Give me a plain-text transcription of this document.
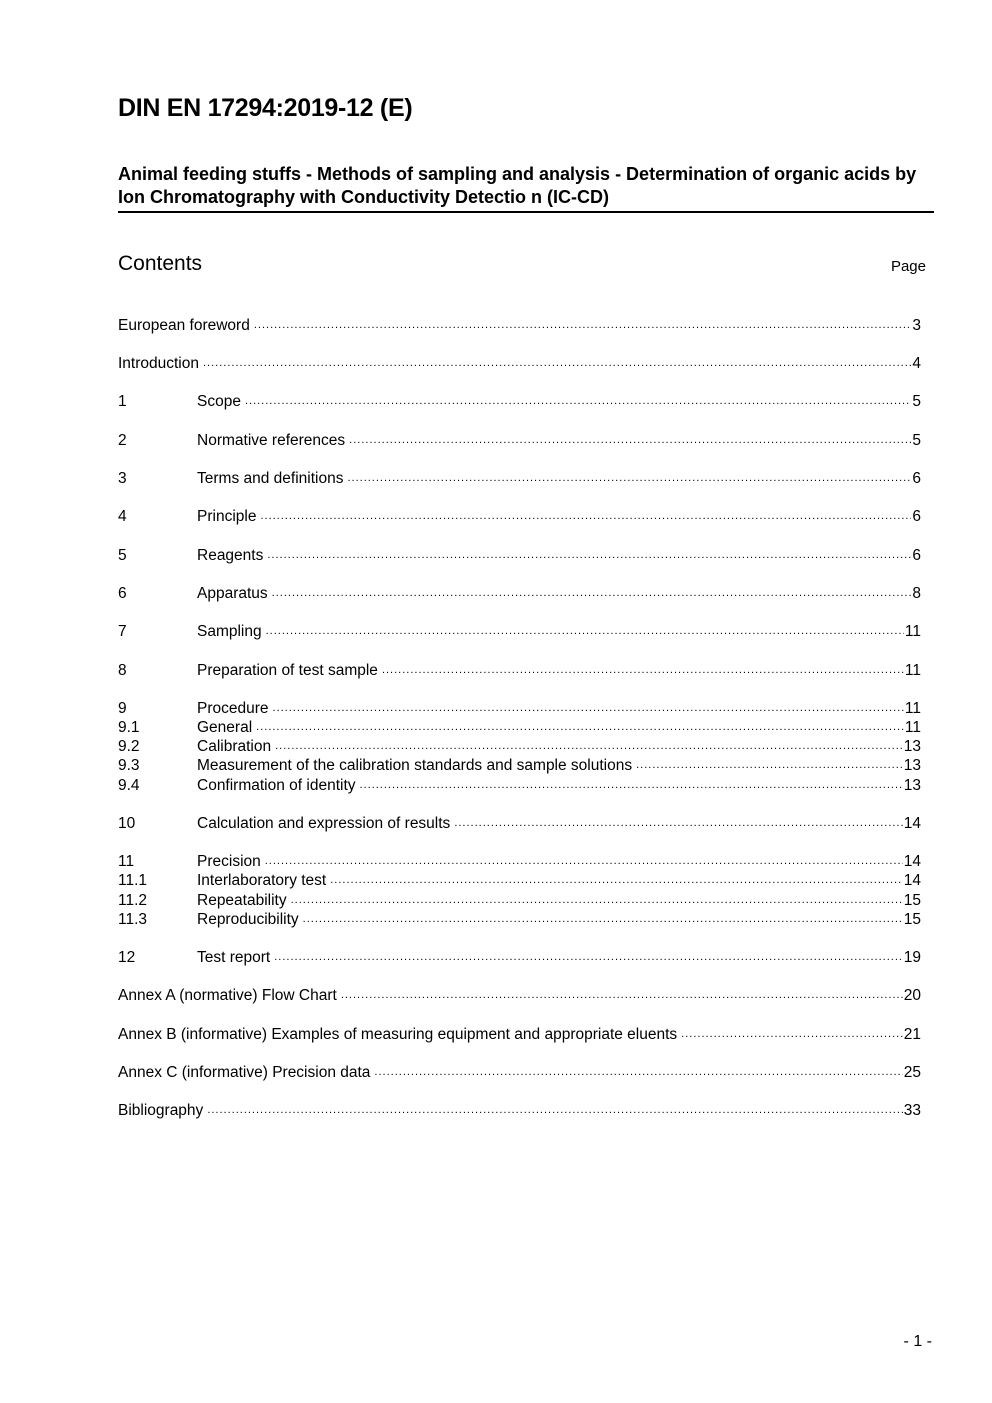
DIN EN 17294:2019-12 (E)
Animal feeding stuffs - Methods of sampling and analysis - Determination of organic acids by Ion Chromatography with Conductivity Detectio n (IC-CD)
Contents	Page
European foreword .....	3
Introduction .....	4
1	Scope .....	5
2	Normative references .....	5
3	Terms and definitions .....	6
4	Principle .....	6
5	Reagents .....	6
6	Apparatus .....	8
7	Sampling .....	11
8	Preparation of test sample .....	11
9	Procedure .....	11
9.1	General .....	11
9.2	Calibration .....	13
9.3	Measurement of the calibration standards and sample solutions .....	13
9.4	Confirmation of identity .....	13
10	Calculation and expression of results .....	14
11	Precision .....	14
11.1	Interlaboratory test .....	14
11.2	Repeatability .....	15
11.3	Reproducibility .....	15
12	Test report .....	19
Annex A (normative) Flow Chart .....	20
Annex B (informative) Examples of measuring equipment and appropriate eluents .....	21
Annex C (informative) Precision data .....	25
Bibliography .....	33
- 1 -
